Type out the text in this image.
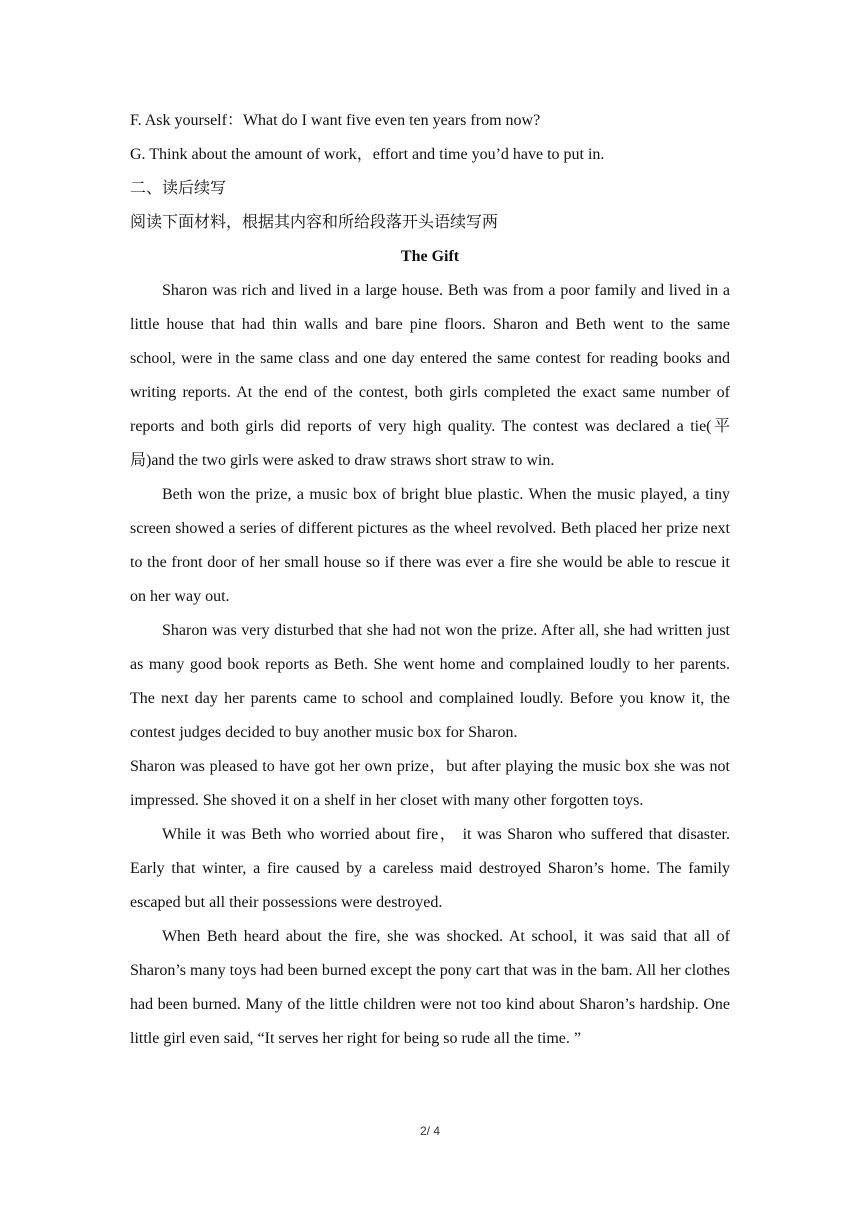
F. Ask yourself：What do I want five even ten years from now?

G. Think about the amount of work，effort and time you’d have to put in.

二、读后续写

阅读下面材料，根据其内容和所给段落开头语续写两

The Gift

Sharon was rich and lived in a large house. Beth was from a poor family and lived in a little house that had thin walls and bare pine floors. Sharon and Beth went to the same school, were in the same class and one day entered the same contest for reading books and writing reports. At the end of the contest, both girls completed the exact same number of reports and both girls did reports of very high quality. The contest was declared a tie(平局)and the two girls were asked to draw straws short straw to win.

Beth won the prize, a music box of bright blue plastic. When the music played, a tiny screen showed a series of different pictures as the wheel revolved. Beth placed her prize next to the front door of her small house so if there was ever a fire she would be able to rescue it on her way out.

Sharon was very disturbed that she had not won the prize. After all, she had written just as many good book reports as Beth. She went home and complained loudly to her parents. The next day her parents came to school and complained loudly. Before you know it, the contest judges decided to buy another music box for Sharon.

Sharon was pleased to have got her own prize，but after playing the music box she was not impressed. She shoved it on a shelf in her closet with many other forgotten toys.

While it was Beth who worried about fire， it was Sharon who suffered that disaster. Early that winter, a fire caused by a careless maid destroyed Sharon’s home. The family escaped but all their possessions were destroyed.

When Beth heard about the fire, she was shocked. At school, it was said that all of Sharon’s many toys had been burned except the pony cart that was in the bam. All her clothes had been burned. Many of the little children were not too kind about Sharon’s hardship. One little girl even said, “It serves her right for being so rude all the time. ”

2/ 4
